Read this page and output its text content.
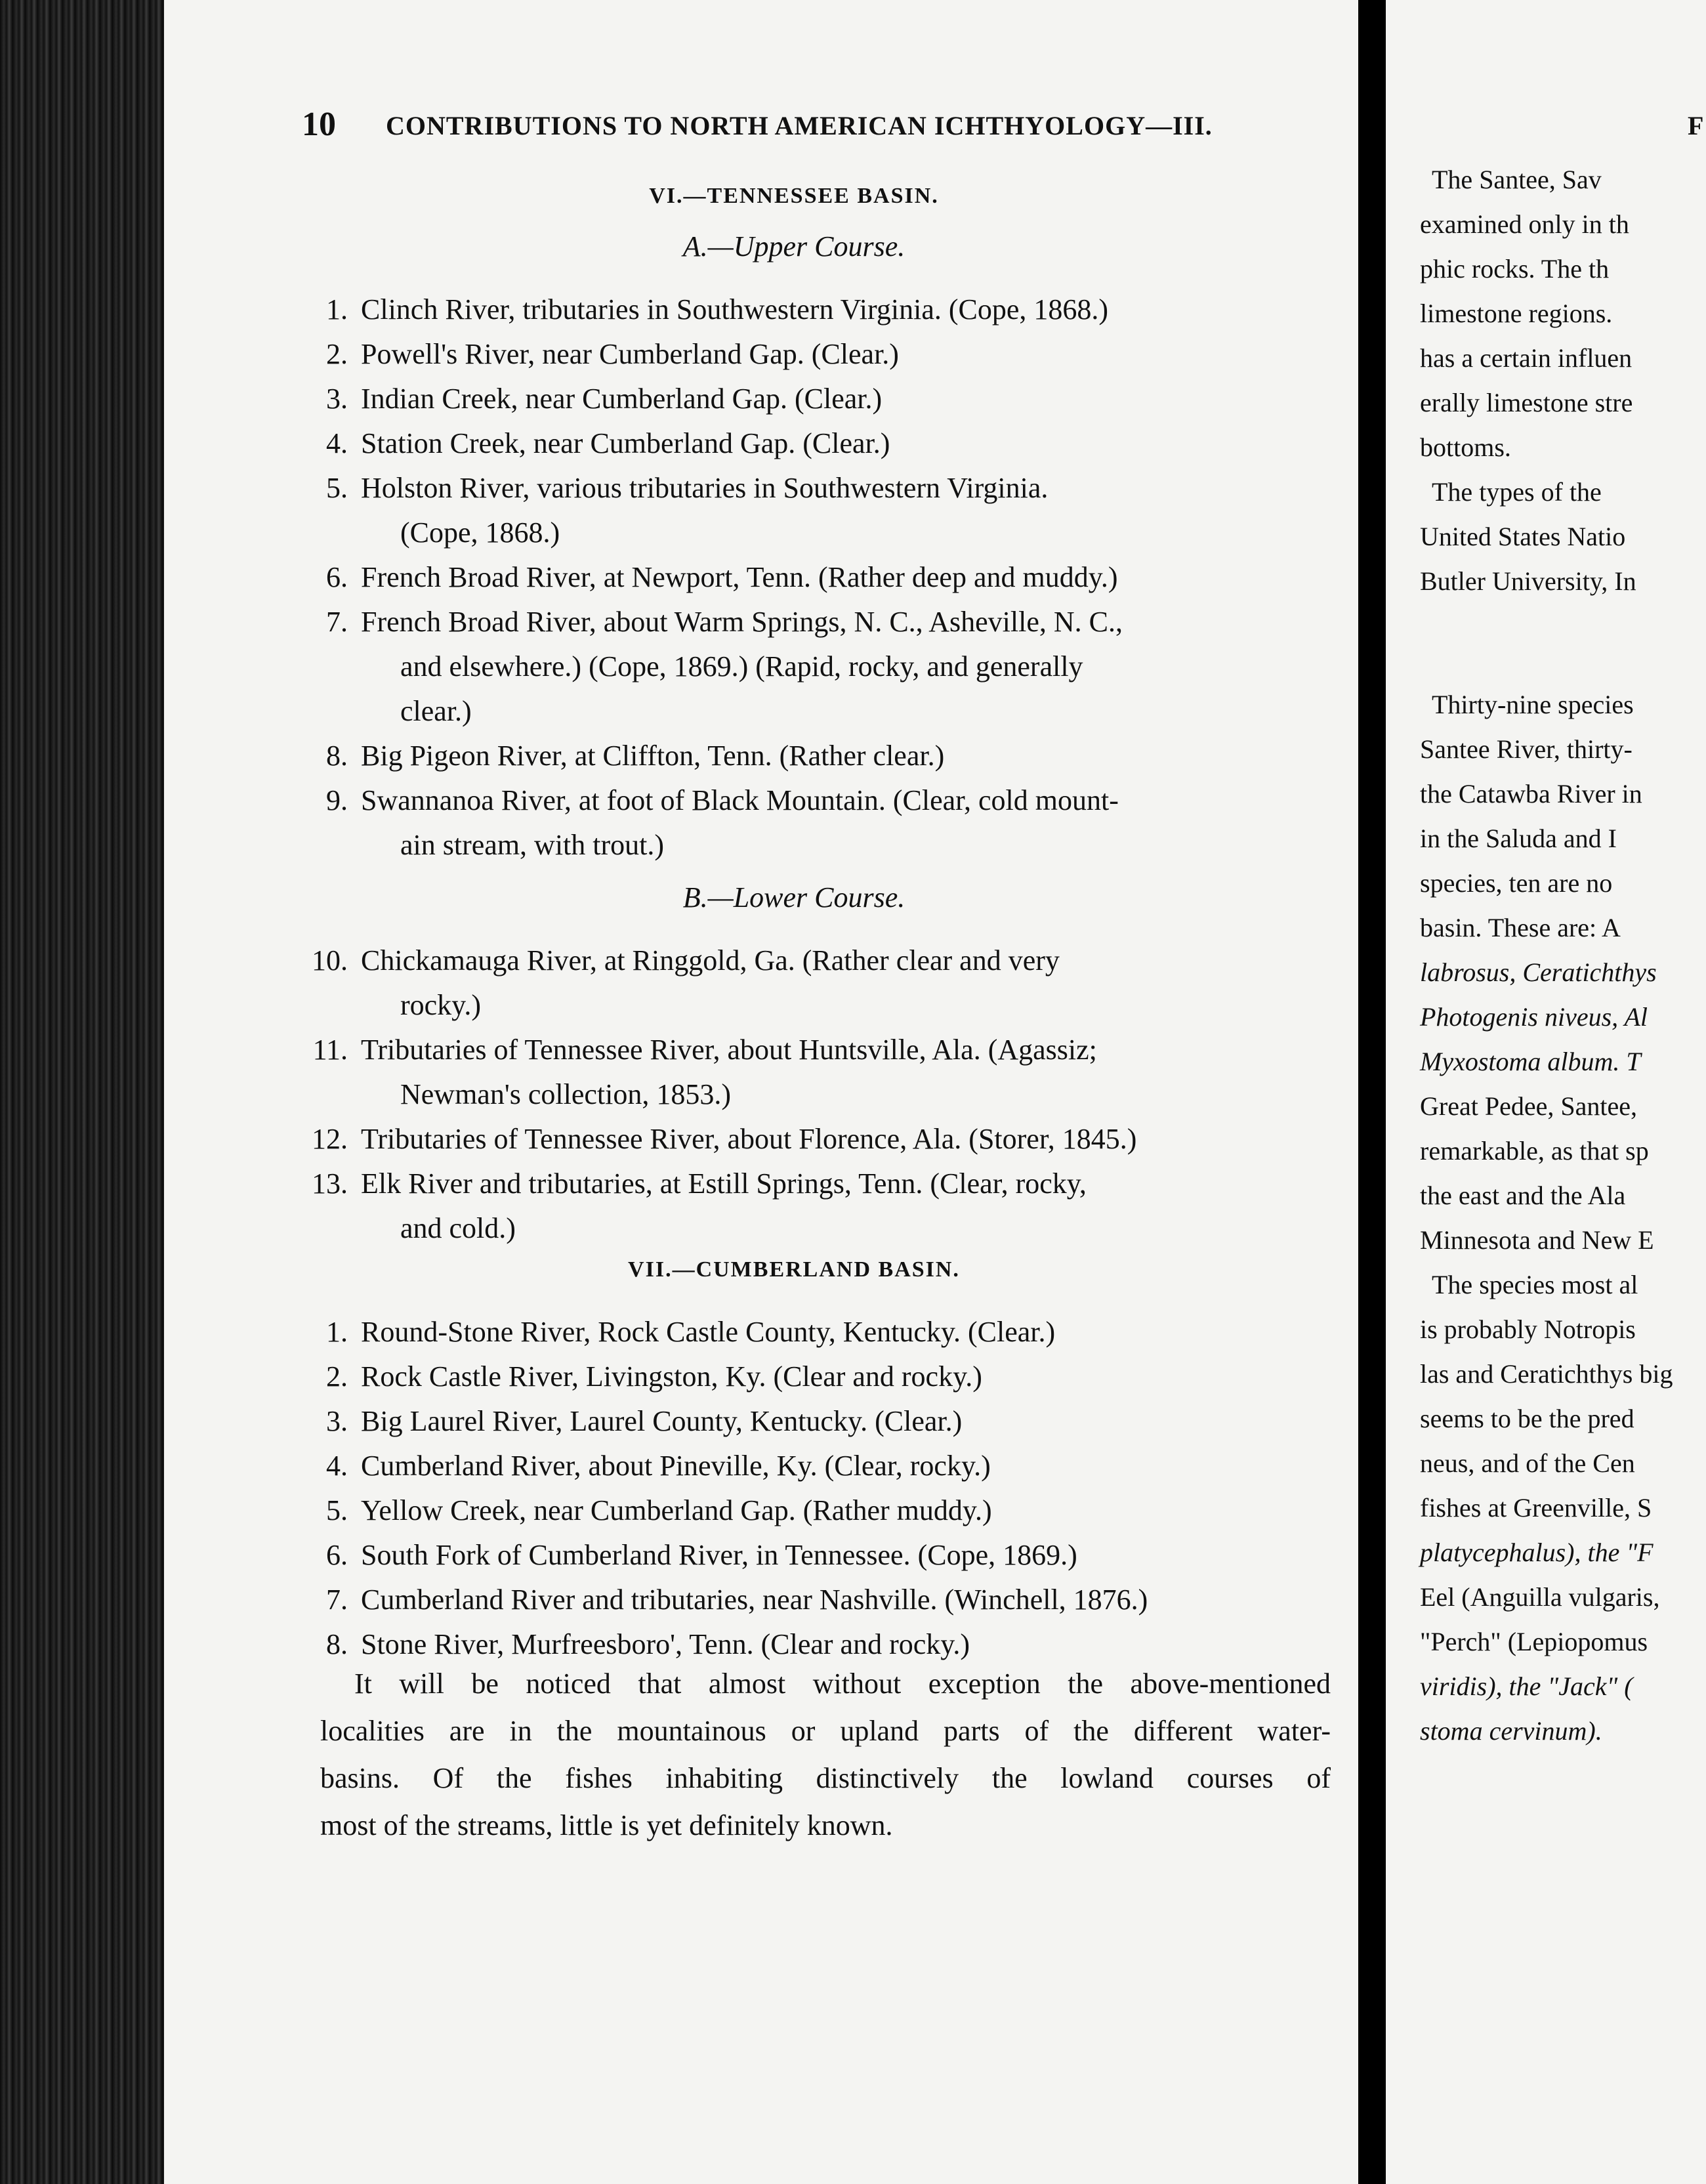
10 CONTRIBUTIONS TO NORTH AMERICAN ICHTHYOLOGY—III.
VI.—TENNESSEE BASIN.
A.—Upper Course.
1. Clinch River, tributaries in Southwestern Virginia. (Cope, 1868.)
2. Powell's River, near Cumberland Gap. (Clear.)
3. Indian Creek, near Cumberland Gap. (Clear.)
4. Station Creek, near Cumberland Gap. (Clear.)
5. Holston River, various tributaries in Southwestern Virginia.
(Cope, 1868.)
6. French Broad River, at Newport, Tenn. (Rather deep and muddy.)
7. French Broad River, about Warm Springs, N. C., Asheville, N. C.,
and elsewhere.) (Cope, 1869.) (Rapid, rocky, and generally
clear.)
8. Big Pigeon River, at Cliffton, Tenn. (Rather clear.)
9. Swannanoa River, at foot of Black Mountain. (Clear, cold mount-
ain stream, with trout.)
B.—Lower Course.
10. Chickamauga River, at Ringgold, Ga. (Rather clear and very
rocky.)
11. Tributaries of Tennessee River, about Huntsville, Ala. (Agassiz;
Newman's collection, 1853.)
12. Tributaries of Tennessee River, about Florence, Ala. (Storer, 1845.)
13. Elk River and tributaries, at Estill Springs, Tenn. (Clear, rocky,
and cold.)
VII.—CUMBERLAND BASIN.
1. Round-Stone River, Rock Castle County, Kentucky. (Clear.)
2. Rock Castle River, Livingston, Ky. (Clear and rocky.)
3. Big Laurel River, Laurel County, Kentucky. (Clear.)
4. Cumberland River, about Pineville, Ky. (Clear, rocky.)
5. Yellow Creek, near Cumberland Gap. (Rather muddy.)
6. South Fork of Cumberland River, in Tennessee. (Cope, 1869.)
7. Cumberland River and tributaries, near Nashville. (Winchell, 1876.)
8. Stone River, Murfreesboro', Tenn. (Clear and rocky.)
It will be noticed that almost without exception the above-mentioned
localities are in the mountainous or upland parts of the different water-
basins. Of the fishes inhabiting distinctively the lowland courses of
most of the streams, little is yet definitely known.
F
The Santee, Sav
examined only in th
phic rocks. The th
limestone regions.
has a certain influen
erally limestone stre
bottoms.
The types of the
United States Natio
Butler University, In
Thirty-nine species
Santee River, thirty-
the Catawba River in
in the Saluda and I
species, ten are no
basin. These are: A
labrosus, Ceratichthys
Photogenis niveus, Al
Myxostoma album. T
Great Pedee, Santee,
remarkable, as that sp
the east and the Ala
Minnesota and New E
The species most al
is probably Notropis
las and Ceratichthys big
seems to be the pred
neus, and of the Cen
fishes at Greenville, S
platycephalus), the "F
Eel (Anguilla vulgaris,
"Perch" (Lepiopomus
viridis), the "Jack" (
stoma cervinum).
